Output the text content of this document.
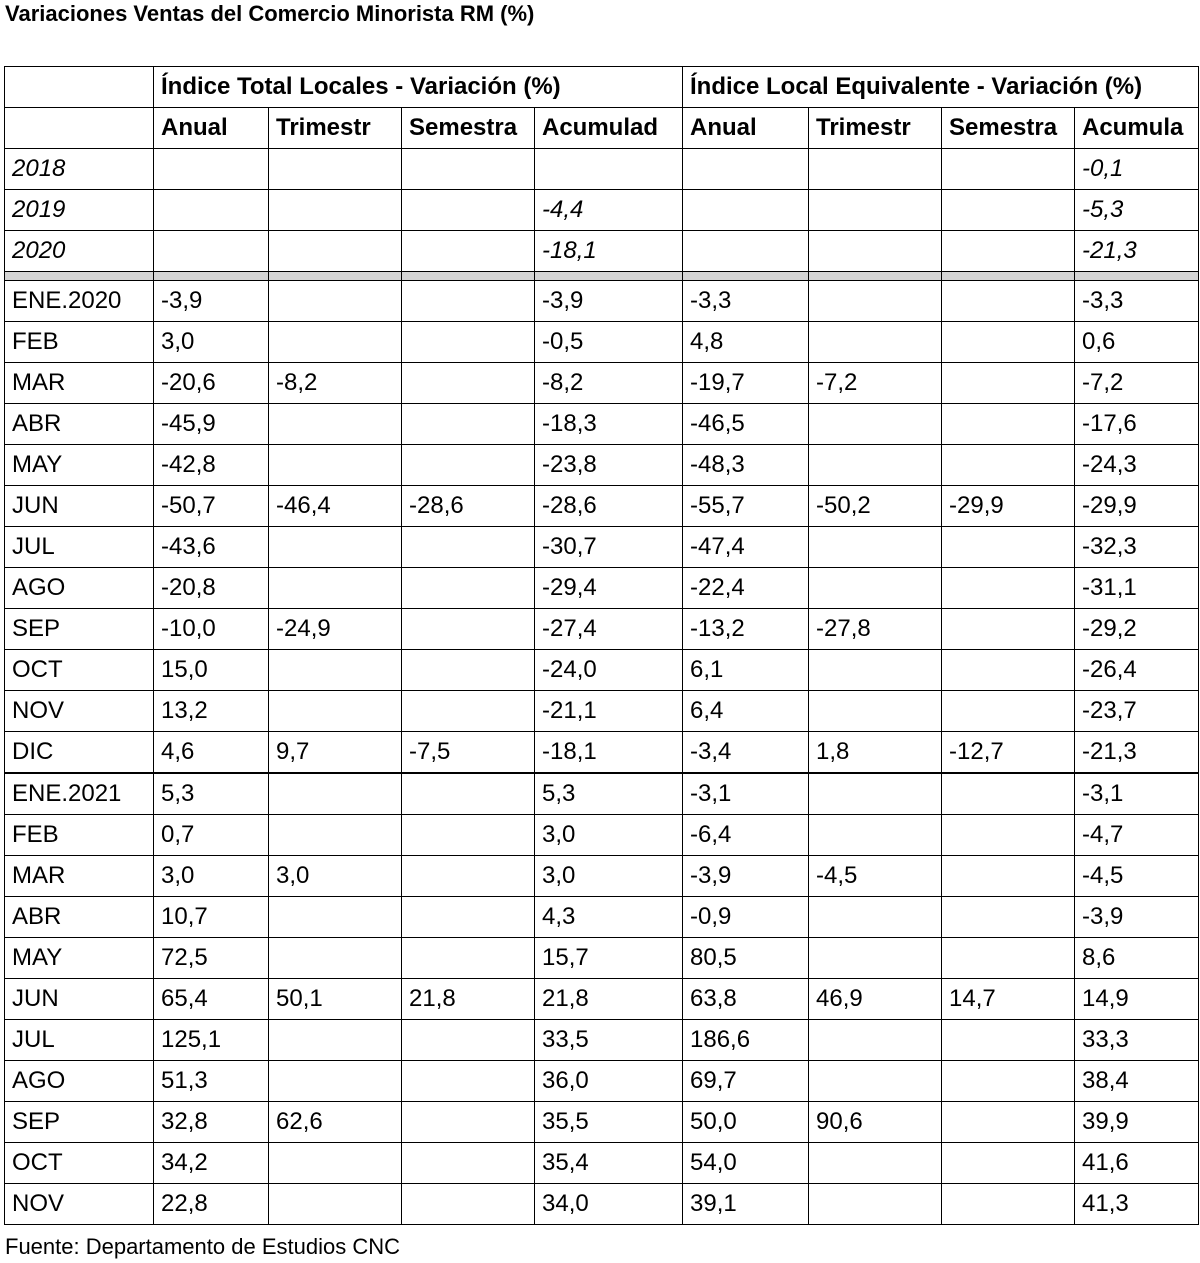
Variaciones Ventas del Comercio Minorista RM (%)
	Índice Total Locales - Variación (%)				Índice Local Equivalente - Variación (%)			
	Anual	Trimestr	Semestra	Acumulad	Anual	Trimestr	Semestra	Acumula
2018								-0,1
2019				-4,4				-5,3
2020				-18,1				-21,3

ENE.2020	-3,9			-3,9	-3,3			-3,3
FEB	3,0			-0,5	4,8			0,6
MAR	-20,6	-8,2		-8,2	-19,7	-7,2		-7,2
ABR	-45,9			-18,3	-46,5			-17,6
MAY	-42,8			-23,8	-48,3			-24,3
JUN	-50,7	-46,4	-28,6	-28,6	-55,7	-50,2	-29,9	-29,9
JUL	-43,6			-30,7	-47,4			-32,3
AGO	-20,8			-29,4	-22,4			-31,1
SEP	-10,0	-24,9		-27,4	-13,2	-27,8		-29,2
OCT	15,0			-24,0	6,1			-26,4
NOV	13,2			-21,1	6,4			-23,7
DIC	4,6	9,7	-7,5	-18,1	-3,4	1,8	-12,7	-21,3
ENE.2021	5,3			5,3	-3,1			-3,1
FEB	0,7			3,0	-6,4			-4,7
MAR	3,0	3,0		3,0	-3,9	-4,5		-4,5
ABR	10,7			4,3	-0,9			-3,9
MAY	72,5			15,7	80,5			8,6
JUN	65,4	50,1	21,8	21,8	63,8	46,9	14,7	14,9
JUL	125,1			33,5	186,6			33,3
AGO	51,3			36,0	69,7			38,4
SEP	32,8	62,6		35,5	50,0	90,6		39,9
OCT	34,2			35,4	54,0			41,6
NOV	22,8			34,0	39,1			41,3
Fuente: Departamento de Estudios CNC
